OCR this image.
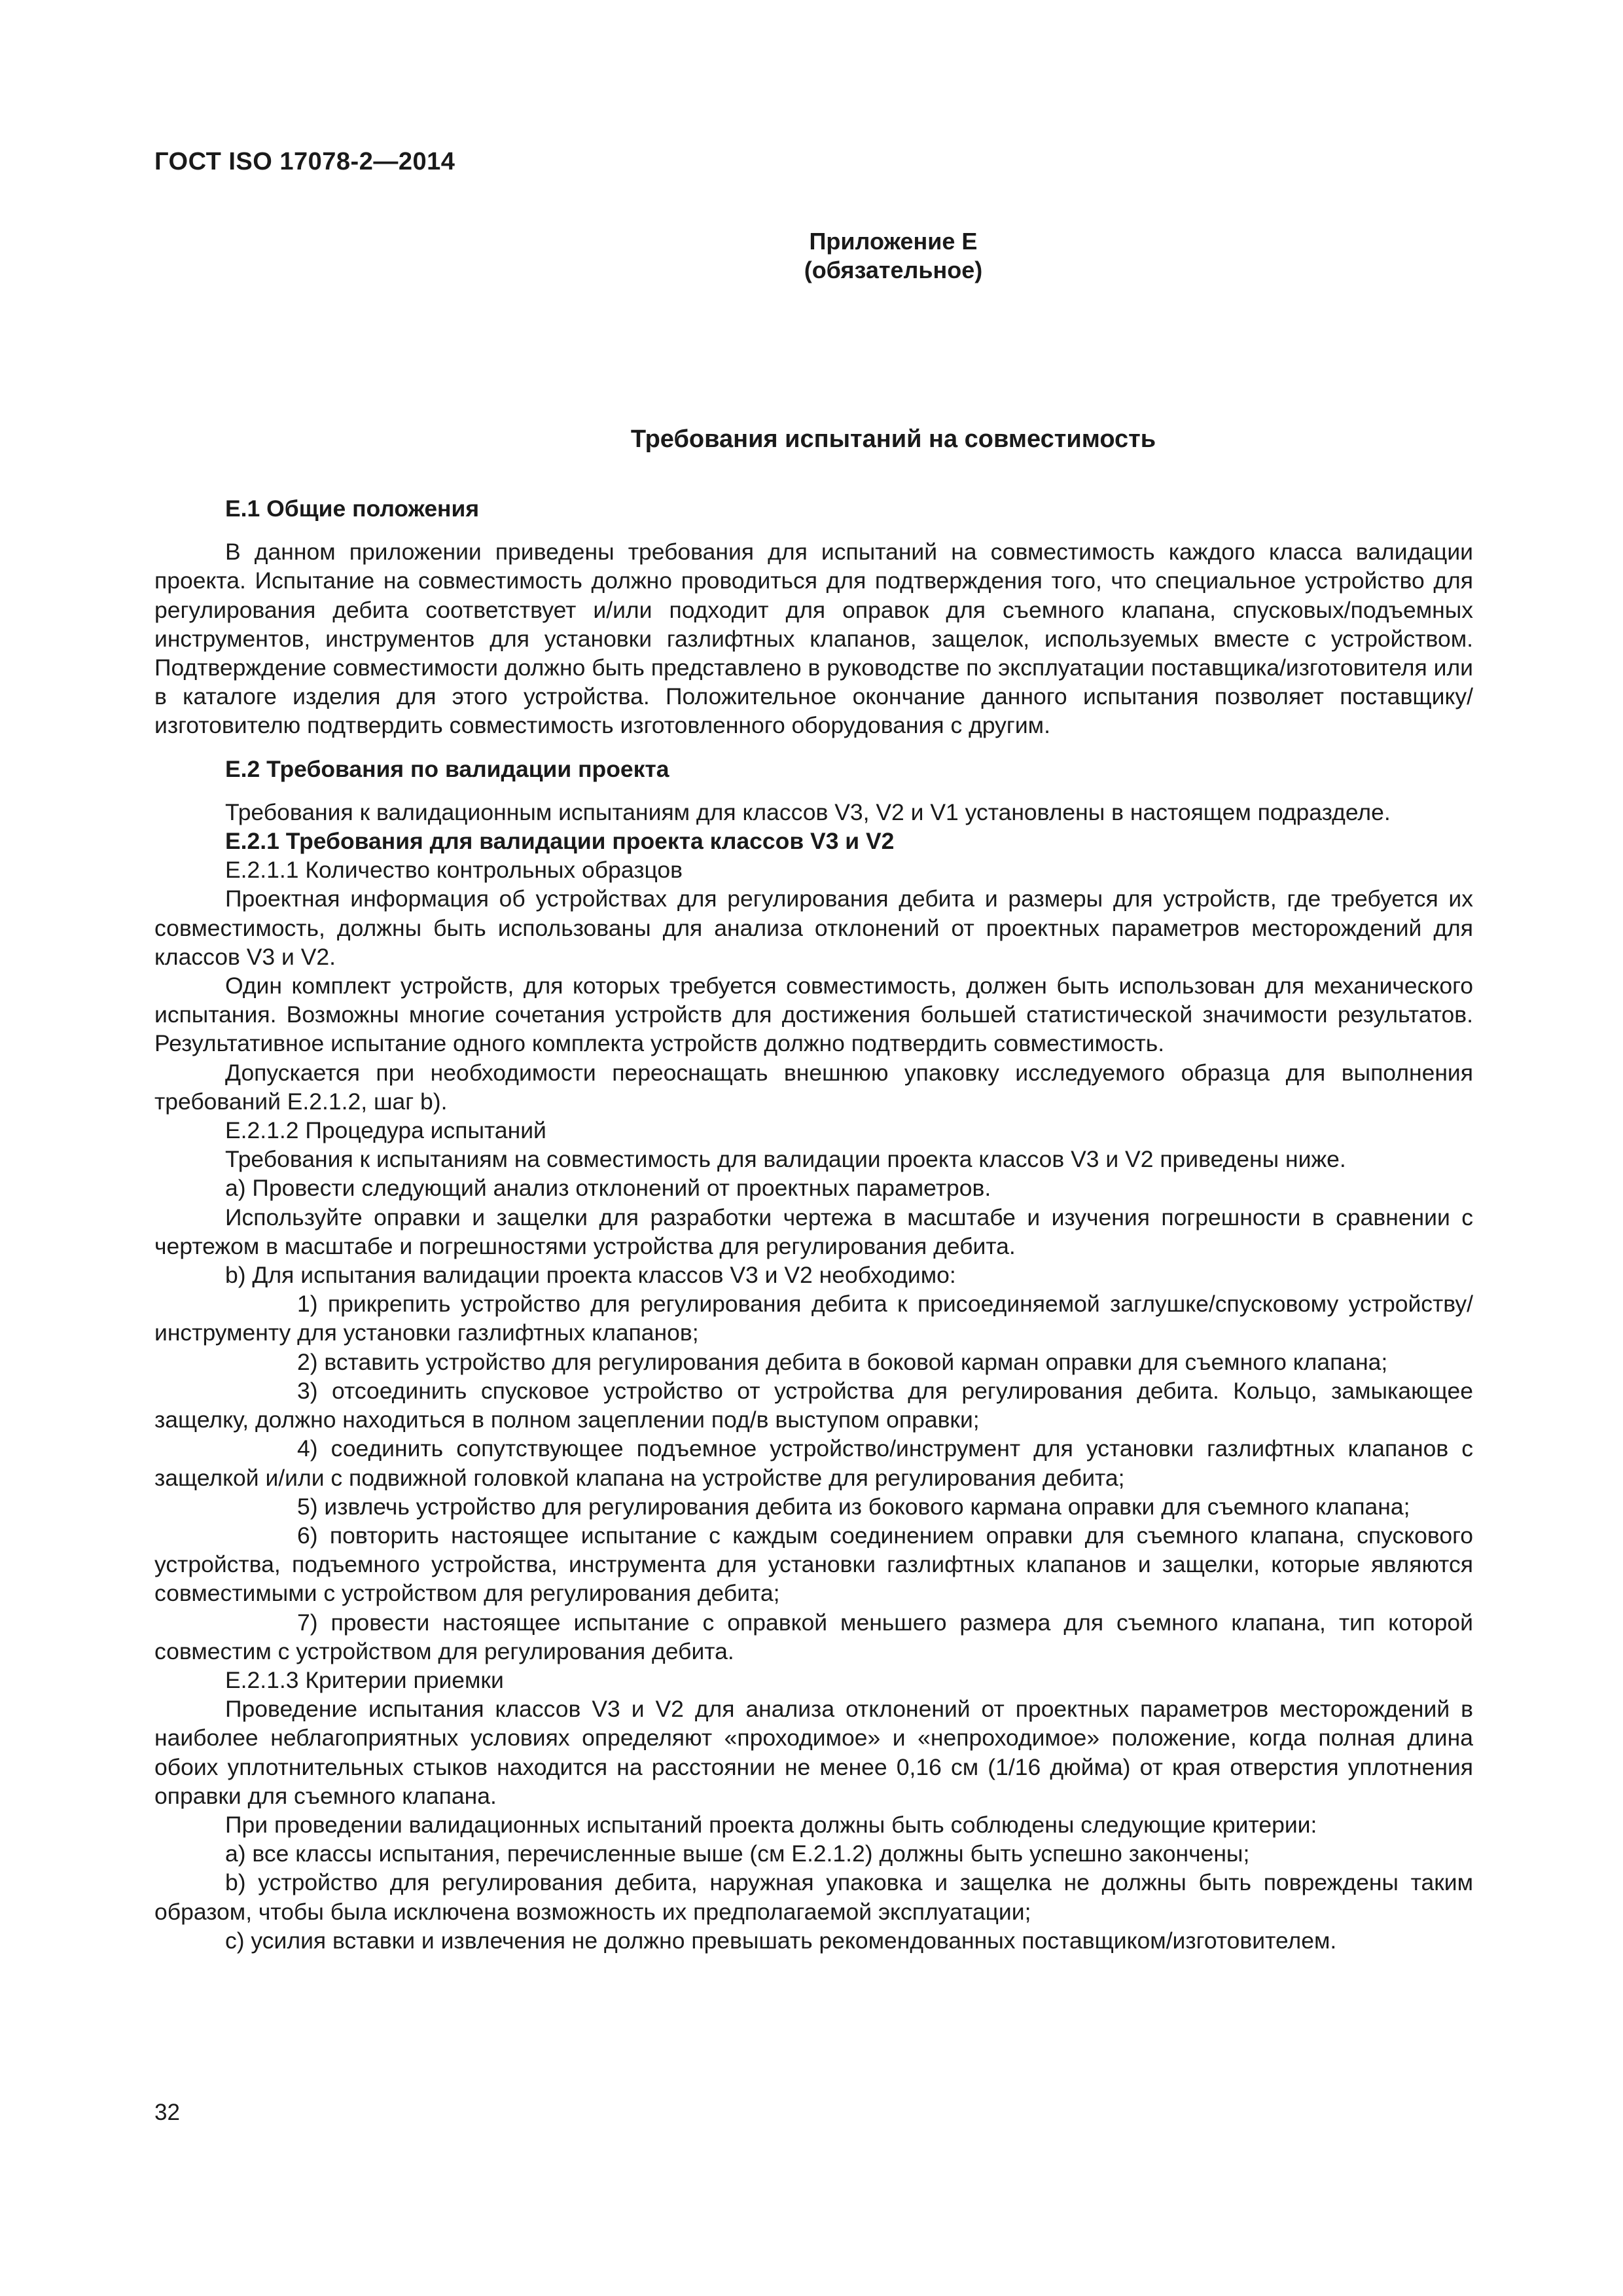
ГОСТ ISO 17078-2—2014
Приложение Е
(обязательное)
Требования испытаний на совместимость

Е.1 Общие положения

В данном приложении приведены требования для испытаний на совместимость каждого класса валидации проекта. Испытание на совместимость должно проводиться для подтверждения того, что специальное устройство для регулирования дебита соответствует и/или подходит для оправок для съемного клапана, спусковых/подъемных инструментов, инструментов для установки газлифтных клапанов, защелок, используемых вместе с устройством. Подтверждение совместимости должно быть представлено в руководстве по эксплуатации поставщика/изготовителя или в каталоге изделия для этого устройства. Положительное окончание данного испытания позволяет поставщику/изготовителю подтвердить совместимость изготовленного оборудования с другим.

Е.2 Требования по валидации проекта

Требования к валидационным испытаниям для классов V3, V2 и V1 установлены в настоящем подразделе.

Е.2.1 Требования для валидации проекта классов V3 и V2

Е.2.1.1 Количество контрольных образцов

Проектная информация об устройствах для регулирования дебита и размеры для устройств, где требуется их совместимость, должны быть использованы для анализа отклонений от проектных параметров месторождений для классов V3 и V2.

Один комплект устройств, для которых требуется совместимость, должен быть использован для механического испытания. Возможны многие сочетания устройств для достижения большей статистической значимости результатов. Результативное испытание одного комплекта устройств должно подтвердить совместимость.

Допускается при необходимости переоснащать внешнюю упаковку исследуемого образца для выполнения требований Е.2.1.2, шаг b).

Е.2.1.2 Процедура испытаний

Требования к испытаниям на совместимость для валидации проекта классов V3 и V2 приведены ниже.

а) Провести следующий анализ отклонений от проектных параметров.

Используйте оправки и защелки для разработки чертежа в масштабе и изучения погрешности в сравнении с чертежом в масштабе и погрешностями устройства для регулирования дебита.

b) Для испытания валидации проекта классов V3 и V2 необходимо:

1) прикрепить устройство для регулирования дебита к присоединяемой заглушке/спусковому устройству/инструменту для установки газлифтных клапанов;

2) вставить устройство для регулирования дебита в боковой карман оправки для съемного клапана;

3) отсоединить спусковое устройство от устройства для регулирования дебита. Кольцо, замыкающее защелку, должно находиться в полном зацеплении под/в выступом оправки;

4) соединить сопутствующее подъемное устройство/инструмент для установки газлифтных клапанов с защелкой и/или с подвижной головкой клапана на устройстве для регулирования дебита;

5) извлечь устройство для регулирования дебита из бокового кармана оправки для съемного клапана;

6) повторить настоящее испытание с каждым соединением оправки для съемного клапана, спускового устройства, подъемного устройства, инструмента для установки газлифтных клапанов и защелки, которые являются совместимыми с устройством для регулирования дебита;

7) провести настоящее испытание с оправкой меньшего размера для съемного клапана, тип которой совместим с устройством для регулирования дебита.

Е.2.1.3 Критерии приемки

Проведение испытания классов V3 и V2 для анализа отклонений от проектных параметров месторождений в наиболее неблагоприятных условиях определяют «проходимое» и «непроходимое» положение, когда полная длина обоих уплотнительных стыков находится на расстоянии не менее 0,16 см (1/16 дюйма) от края отверстия уплотнения оправки для съемного клапана.

При проведении валидационных испытаний проекта должны быть соблюдены следующие критерии:

а) все классы испытания, перечисленные выше (см Е.2.1.2) должны быть успешно закончены;

b) устройство для регулирования дебита, наружная упаковка и защелка не должны быть повреждены таким образом, чтобы была исключена возможность их предполагаемой эксплуатации;

с) усилия вставки и извлечения не должно превышать рекомендованных поставщиком/изготовителем.

32
